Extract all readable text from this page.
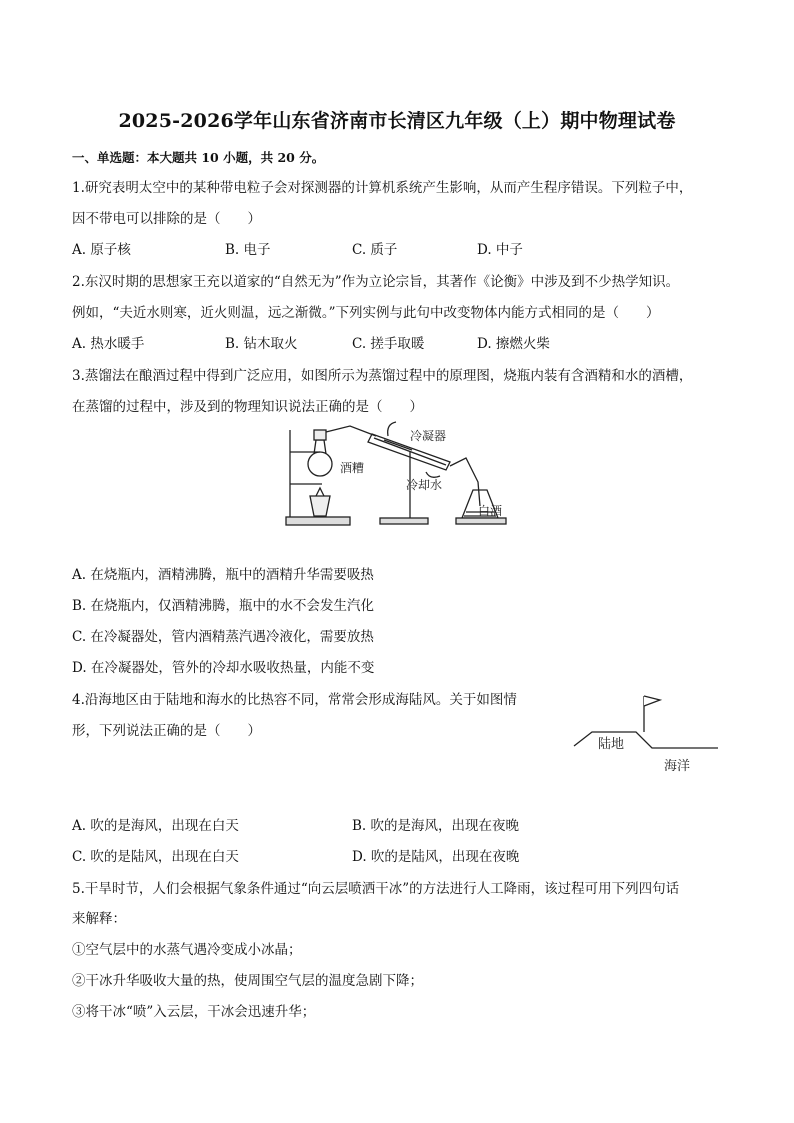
2025-2026学年山东省济南市长清区九年级（上）期中物理试卷
一、单选题：本大题共 10 小题，共 20 分。
1.研究表明太空中的某种带电粒子会对探测器的计算机系统产生影响，从而产生程序错误。下列粒子中，
因不带电可以排除的是（　　）
A. 原子核	B. 电子	C. 质子	D. 中子
2.东汉时期的思想家王充以道家的“自然无为”作为立论宗旨，其著作《论衡》中涉及到不少热学知识。
例如，“夫近水则寒，近火则温，远之渐微。”下列实例与此句中改变物体内能方式相同的是（　　）
A. 热水暖手	B. 钻木取火	C. 搓手取暖	D. 擦燃火柴
3.蒸馏法在酿酒过程中得到广泛应用，如图所示为蒸馏过程中的原理图，烧瓶内装有含酒精和水的酒槽，
在蒸馏的过程中，涉及到的物理知识说法正确的是（　　）
冷凝器
酒糟
冷却水
白酒
A. 在烧瓶内，酒精沸腾，瓶中的酒精升华需要吸热
B. 在烧瓶内，仅酒精沸腾，瓶中的水不会发生汽化
C. 在冷凝器处，管内酒精蒸汽遇冷液化，需要放热
D. 在冷凝器处，管外的冷却水吸收热量，内能不变
4.沿海地区由于陆地和海水的比热容不同，常常会形成海陆风。关于如图情
形，下列说法正确的是（　　）
陆地
海洋
A. 吹的是海风，出现在白天	B. 吹的是海风，出现在夜晚
C. 吹的是陆风，出现在白天	D. 吹的是陆风，出现在夜晚
5.干旱时节，人们会根据气象条件通过“向云层喷洒干冰”的方法进行人工降雨，该过程可用下列四句话
来解释：
①空气层中的水蒸气遇冷变成小冰晶；
②干冰升华吸收大量的热，使周围空气层的温度急剧下降；
③将干冰“喷”入云层，干冰会迅速升华；
